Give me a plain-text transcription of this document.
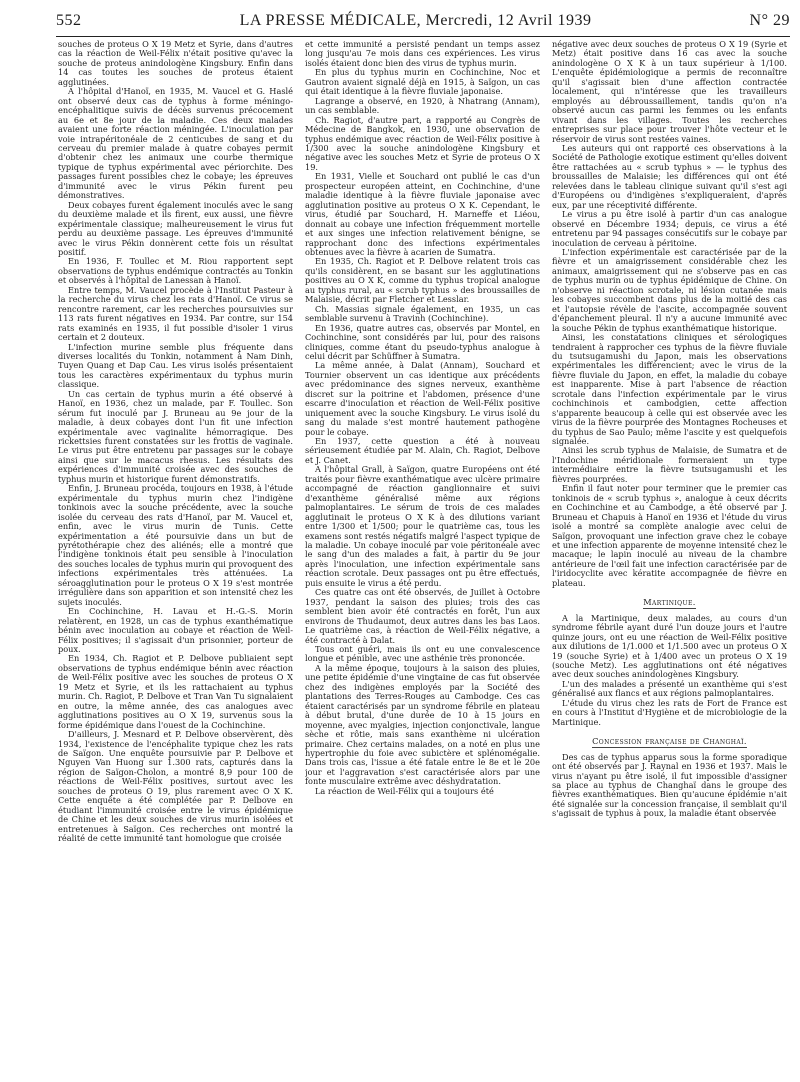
552	LA PRESSE MÉDICALE, Mercredi, 12 Avril 1939	N° 29

souches de proteus O X 19 Metz et Syrie, dans d'autres cas la réaction de Weil-Félix n'était positive qu'avec la souche de proteus anindologène Kingsbury. Enfin dans 14 cas toutes les souches de proteus étaient agglutinées.

A l'hôpital d'Hanoï, en 1935, M. Vaucel et G. Haslé ont observé deux cas de typhus à forme méningo-encéphalitique suivis de décès survenus précocement au 6e et 8e jour de la maladie. Ces deux malades avaient une forte réaction méningée. L'inoculation par voie intrapéritonéale de 2 centicubes de sang et du cerveau du premier malade à quatre cobayes permit d'obtenir chez les animaux une courbe thermique typique de typhus expérimental avec périorchite. Des passages furent possibles chez le cobaye; les épreuves d'immunité avec le virus Pékin furent peu démonstratives.

Deux cobayes furent également inoculés avec le sang du deuxième malade et ils firent, eux aussi, une fièvre expérimentale classique; malheureusement le virus fut perdu au deuxième passage. Les épreuves d'immunité avec le virus Pékin donnèrent cette fois un résultat positif.

En 1936, F. Toullec et M. Riou rapportent sept observations de typhus endémique contractés au Tonkin et observés à l'hôpital de Lanessan à Hanoï.

Entre temps, M. Vaucel procède à l'Institut Pasteur à la recherche du virus chez les rats d'Hanoï. Ce virus se rencontre rarement, car les recherches poursuivies sur 113 rats furent négatives en 1934. Par contre, sur 154 rats examinés en 1935, il fut possible d'isoler 1 virus certain et 2 douteux.

L'infection murine semble plus fréquente dans diverses localités du Tonkin, notamment à Nam Dinh, Tuyen Quang et Dap Cau. Les virus isolés présentaient tous les caractères expérimentaux du typhus murin classique.

Un cas certain de typhus murin a été observé à Hanoï, en 1936, chez un malade, par F. Toullec. Son sérum fut inoculé par J. Bruneau au 9e jour de la maladie, à deux cobayes dont l'un fit une infection expérimentale avec vaginalite hémorragique. Des rickettsies furent constatées sur les frottis de vaginale. Le virus put être entretenu par passages sur le cobaye ainsi que sur le macacus rhesus. Les résultats des expériences d'immunité croisée avec des souches de typhus murin et historique furent démonstratifs.

Enfin, J. Bruneau procéda, toujours en 1938, à l'étude expérimentale du typhus murin chez l'indigène tonkinois avec la souche précédente, avec la souche isolée du cerveau des rats d'Hanoï, par M. Vaucel et, enfin, avec le virus murin de Tunis. Cette expérimentation a été poursuivie dans un but de pyrétothérapie chez des aliénés; elle a montré que l'indigène tonkinois était peu sensible à l'inoculation des souches locales de typhus murin qui provoquent des infections expérimentales très atténuées. La séroagglutination pour le proteus O X 19 s'est montrée irrégulière dans son apparition et son intensité chez les sujets inoculés.

En Cochinchine, H. Lavau et H.-G.-S. Morin relatèrent, en 1928, un cas de typhus exanthématique bénin avec inoculation au cobaye et réaction de Weil-Félix positives; il s'agissait d'un prisonnier, porteur de poux.

En 1934, Ch. Ragiot et P. Delbove publiaient sept observations de typhus endémique bénin avec réaction de Weil-Félix positive avec les souches de proteus O X 19 Metz et Syrie, et ils les rattachaient au typhus murin. Ch. Ragiot, P. Delbove et Tran Van Tu signalaient en outre, la même année, des cas analogues avec agglutinations positives au O X 19, survenus sous la forme épidémique dans l'ouest de la Cochinchine.

D'ailleurs, J. Mesnard et P. Delbove observèrent, dès 1934, l'existence de l'encéphalite typique chez les rats de Saïgon. Une enquête poursuivie par P. Delbove et Nguyen Van Huong sur 1.300 rats, capturés dans la région de Saïgon-Cholon, a montré 8,9 pour 100 de réactions de Weil-Félix positives, surtout avec les souches de proteus O 19, plus rarement avec O X K. Cette enquête a été complétée par P. Delbove en étudiant l'immunité croisée entre le virus épidémique de Chine et les deux souches de virus murin isolées et entretenues à Saïgon. Ces recherches ont montré la réalité de cette immunité tant homologue que croisée

et cette immunité a persisté pendant un temps assez long jusqu'au 7e mois dans ces expériences. Les virus isolés étaient donc bien des virus de typhus murin.

En plus du typhus murin en Cochinchine, Noc et Gautron avaient signalé déjà en 1915, à Saïgon, un cas qui était identique à la fièvre fluviale japonaise.

Lagrange a observé, en 1920, à Nhatrang (Annam), un cas semblable.

Ch. Ragiot, d'autre part, a rapporté au Congrès de Médecine de Bangkok, en 1930, une observation de typhus endémique avec réaction de Weil-Félix positive à 1/300 avec la souche anindologène Kingsbury et négative avec les souches Metz et Syrie de proteus O X 19.

En 1931, Vielle et Souchard ont publié le cas d'un prospecteur européen atteint, en Cochinchine, d'une maladie identique à la fièvre fluviale japonaise avec agglutination positive au proteus O X K. Cependant, le virus, étudié par Souchard, H. Marneffe et Liéou, donnait au cobaye une infection fréquemment mortelle et aux singes une infection relativement bénigne, se rapprochant donc des infections expérimentales obtenues avec la fièvre à acarien de Sumatra.

En 1935, Ch. Ragiot et P. Delbove relatent trois cas qu'ils considèrent, en se basant sur les agglutinations positives au O X K, comme du typhus tropical analogue au typhus rural, au « scrub typhus » des broussailles de Malaisie, décrit par Fletcher et Lesslar.

Ch. Massias signale également, en 1935, un cas semblable survenu à Travinh (Cochinchine).

En 1936, quatre autres cas, observés par Montel, en Cochinchine, sont considérés par lui, pour des raisons cliniques, comme étant du pseudo-typhus analogue à celui décrit par Schüffner à Sumatra.

La même année, à Dalat (Annam), Souchard et Tournier observent un cas identique aux précédents avec prédominance des signes nerveux, exanthème discret sur la poitrine et l'abdomen, présence d'une escarre d'inoculation et réaction de Weil-Félix positive uniquement avec la souche Kingsbury. Le virus isolé du sang du malade s'est montré hautement pathogène pour le cobaye.

En 1937, cette question a été à nouveau sérieusement étudiée par M. Alain, Ch. Ragiot, Delbove et J. Canet.

A l'hôpital Grall, à Saïgon, quatre Européens ont été traités pour fièvre exanthématique avec ulcère primaire accompagné de réaction ganglionnaire et suivi d'exanthème généralisé même aux régions palmoplantaires. Le sérum de trois de ces malades agglutinait le proteus O X K à des dilutions variant entre 1/300 et 1/500; pour le quatrième cas, tous les examens sont restés négatifs malgré l'aspect typique de la maladie. Un cobaye inoculé par voie péritonéale avec le sang d'un des malades a fait, à partir du 9e jour après l'inoculation, une infection expérimentale sans réaction scrotale. Deux passages ont pu être effectués, puis ensuite le virus a été perdu.

Ces quatre cas ont été observés, de Juillet à Octobre 1937, pendant la saison des pluies; trois des cas semblent bien avoir été contractés en forêt, l'un aux environs de Thudaumot, deux autres dans les bas Laos. Le quatrième cas, à réaction de Weil-Félix négative, a été contracté à Dalat.

Tous ont guéri, mais ils ont eu une convalescence longue et pénible, avec une asthénie très prononcée.

A la même époque, toujours à la saison des pluies, une petite épidémie d'une vingtaine de cas fut observée chez des indigènes employés par la Société des plantations des Terres-Rouges au Cambodge. Ces cas étaient caractérisés par un syndrome fébrile en plateau à début brutal, d'une durée de 10 à 15 jours en moyenne, avec myalgies, injection conjonctivale, langue sèche et rôtie, mais sans exanthème ni ulcération primaire. Chez certains malades, on a noté en plus une hypertrophie du foie avec subictère et splénomégalie. Dans trois cas, l'issue a été fatale entre le 8e et le 20e jour et l'aggravation s'est caractérisée alors par une fonte musculaire extrême avec déshydratation.

La réaction de Weil-Félix qui a toujours été

négative avec deux souches de proteus O X 19 (Syrie et Metz) était positive dans 16 cas avec la souche anindologène O X K à un taux supérieur à 1/100. L'enquête épidémiologique a permis de reconnaître qu'il s'agissait bien d'une affection contractée localement, qui n'intéresse que les travailleurs employés au débroussaillement, tandis qu'on n'a observé aucun cas parmi les femmes ou les enfants vivant dans les villages. Toutes les recherches entreprises sur place pour trouver l'hôte vecteur et le réservoir de virus sont restées vaines.

Les auteurs qui ont rapporté ces observations à la Société de Pathologie exotique estiment qu'elles doivent être rattachées au « scrub typhus » — le typhus des broussailles de Malaisie; les différences qui ont été relevées dans le tableau clinique suivant qu'il s'est agi d'Européens ou d'indigènes s'expliqueraient, d'après eux, par une réceptivité différente.

Le virus a pu être isolé à partir d'un cas analogue observé en Décembre 1934; depuis, ce virus a été entretenu par 94 passages consécutifs sur le cobaye par inoculation de cerveau à péritoine.

L'infection expérimentale est caractérisée par de la fièvre et un amaigrissement considérable chez les animaux, amaigrissement qui ne s'observe pas en cas de typhus murin ou de typhus épidémique de Chine. On n'observe ni réaction scrotale, ni lésion cutanée mais les cobayes succombent dans plus de la moitié des cas et l'autopsie révèle de l'ascite, accompagnée souvent d'épanchement pleural. Il n'y a aucune immunité avec la souche Pékin de typhus exanthématique historique.

Ainsi, les constatations cliniques et sérologiques tendraient à rapprocher ces typhus de la fièvre fluviale du tsutsugamushi du Japon, mais les observations expérimentales les différencient; avec le virus de la fièvre fluviale du Japon, en effet, la maladie du cobaye est inapparente. Mise à part l'absence de réaction scrotale dans l'infection expérimentale par le virus cochinchinois et cambodgien, cette affection s'apparente beaucoup à celle qui est observée avec les virus de la fièvre pourprée des Montagnes Rocheuses et du typhus de Sao Paulo; même l'ascite y est quelquefois signalée.

Ainsi les scrub typhus de Malaisie, de Sumatra et de l'Indochine méridionale formeraient un type intermédiaire entre la fièvre tsutsugamushi et les fièvres pourprées.

Enfin il faut noter pour terminer que le premier cas tonkinois de « scrub typhus », analogue à ceux décrits en Cochinchine et au Cambodge, a été observé par J. Bruneau et Chapuis à Hanoï en 1936 et l'étude du virus isolé a montré sa complète analogie avec celui de Saïgon, provoquant une infection grave chez le cobaye et une infection apparente de moyenne intensité chez le macaque; le lapin inoculé au niveau de la chambre antérieure de l'œil fait une infection caractérisée par de l'iridocyclite avec kératite accompagnée de fièvre en plateau.

Martinique.

A la Martinique, deux malades, au cours d'un syndrome fébrile ayant duré l'un douze jours et l'autre quinze jours, ont eu une réaction de Weil-Félix positive aux dilutions de 1/1.000 et 1/1.500 avec un proteus O X 19 (souche Syrie) et à 1/400 avec un proteus O X 19 (souche Metz). Les agglutinations ont été négatives avec deux souches anindologènes Kingsbury.

L'un des malades a présenté un exanthème qui s'est généralisé aux flancs et aux régions palmoplantaires.

L'étude du virus chez les rats de Fort de France est en cours à l'Institut d'Hygiène et de microbiologie de la Martinique.

Concession française de Changhaï.

Des cas de typhus apparus sous la forme sporadique ont été observés par J. Raynal en 1936 et 1937. Mais le virus n'ayant pu être isolé, il fut impossible d'assigner sa place au typhus de Changhaï dans le groupe des fièvres exanthématiques. Bien qu'aucune épidémie n'ait été signalée sur la concession française, il semblait qu'il s'agissait de typhus à poux, la maladie étant observée
